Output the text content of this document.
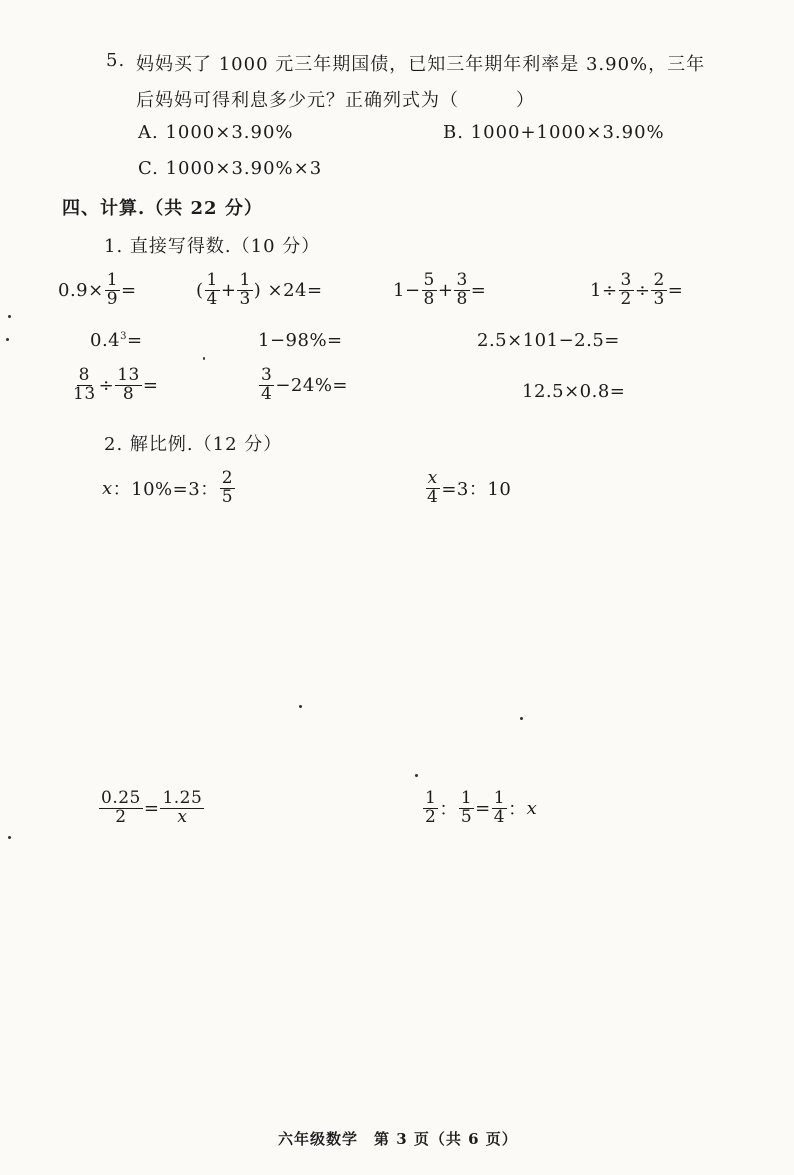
5. 妈妈买了 1000 元三年期国债，已知三年期年利率是 3.90%，三年
后妈妈可得利息多少元？正确列式为（　　　）
A. 1000×3.90%	B. 1000+1000×3.90%
C. 1000×3.90%×3
四、计算.（共 22 分）
1. 直接写得数.（10 分）
$0.9\times \frac{1}{9}$ =	( $\frac{1}{4} + \frac{1}{3}$ ) ×24=	$1- \frac{5}{8} + \frac{3}{8}$ =	$1\div \frac{3}{2} \div \frac{2}{3}$ =
$0.4^3=$	1−98%=	2.5×101−2.5=
$\frac{8}{13} \div \frac{13}{8}$ =	$\frac{3}{4} -24\%=$	12.5×0.8=
2. 解比例.（12 分）
x ：10%=3： $\frac{2}{5}$	$\frac{x}{4} =3$：10
$\frac{0.25}{2} = \frac{1.25}{x}$	$\frac{1}{2}$ ： $\frac{1}{5} = \frac{1}{4}$ ： x
六年级数学　第 3 页（共 6 页）
